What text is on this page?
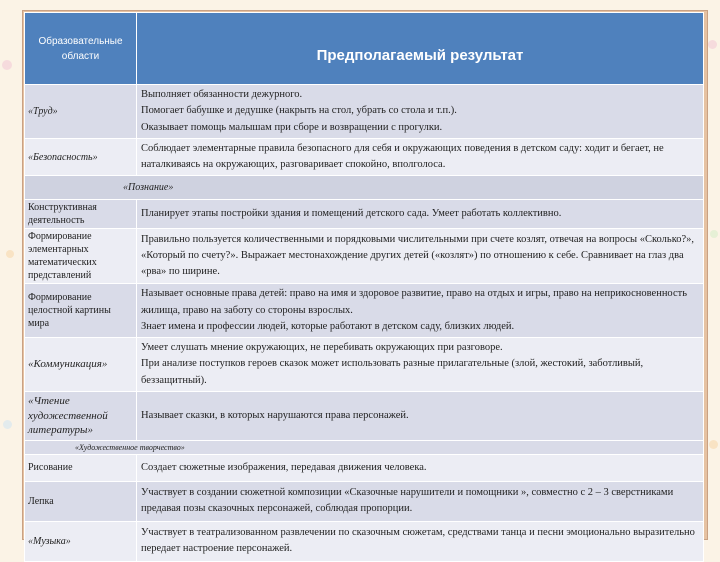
Образовательные области	Предполагаемый результат
«Труд»	Выполняет обязанности дежурного.
Помогает бабушке и дедушке (накрыть на стол, убрать со стола и т.п.).
Оказывает помощь малышам при сборе и возвращении с прогулки.

«Безопасность»	Соблюдает элементарные правила безопасного для себя и окружающих поведения в детском саду: ходит и бегает, не наталкиваясь на окружающих, разговаривает спокойно, вполголоса.

«Познание»	
Конструктивная деятельность	Планирует этапы постройки здания и помещений детского сада. Умеет работать коллективно.

Формирование элементарных математических представлений	Правильно пользуется количественными и порядковыми числительными при счете козлят, отвечая на вопросы «Сколько?», «Который по счету?». Выражает местонахождение других детей («козлят») по отношению к себе. Сравнивает на глаз два «рва» по ширине.

Формирование целостной картины мира	Называет основные права детей: право на имя и здоровое развитие, право на отдых и игры, право на неприкосновенность жилища, право на заботу со стороны взрослых.
Знает имена и профессии людей, которые работают в детском саду, близких людей.

«Коммуникация»	Умеет слушать мнение окружающих, не перебивать окружающих при разговоре.
При анализе поступков героев сказок может использовать разные прилагательные (злой, жестокий, заботливый, беззащитный).

«Чтение художественной литературы»	Называет сказки, в которых нарушаются права персонажей.

«Художественное творчество»	
Рисование	Создает сюжетные изображения, передавая движения человека.

Лепка	Участвует в создании сюжетной композиции «Сказочные нарушители и помощники », совместно с 2 – 3 сверстниками предавая позы сказочных персонажей, соблюдая пропорции.

«Музыка»	Участвует в театрализованном развлечении по сказочным сюжетам, средствами танца и песни эмоционально выразительно передает настроение персонажей.
